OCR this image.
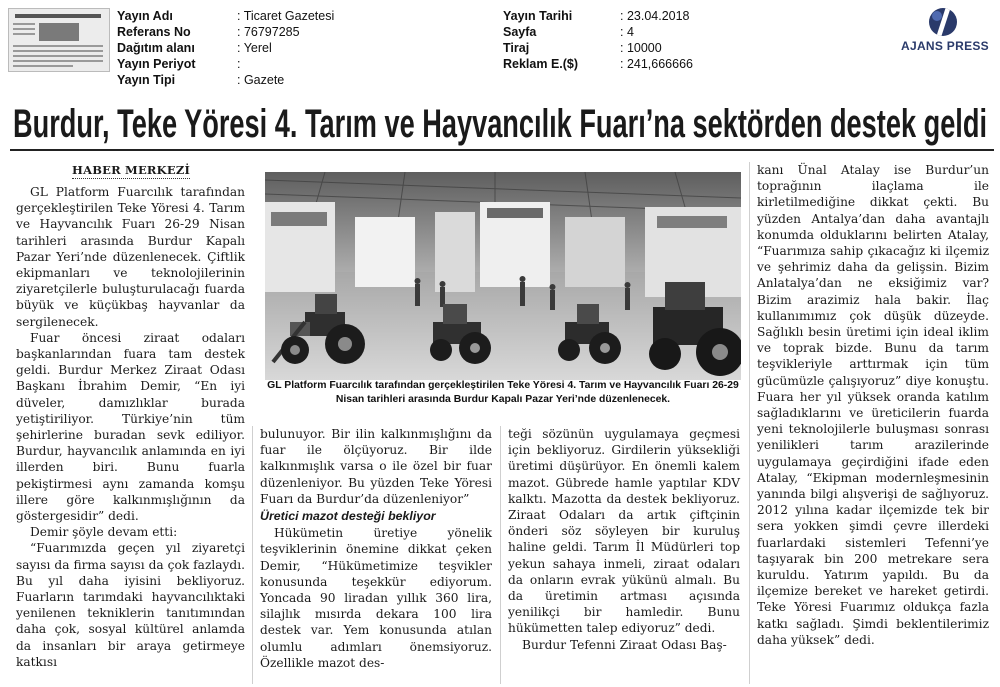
Yayın Adı	: Ticaret Gazetesi
Referans No	: 76797285
Dağıtım alanı	: Yerel
Yayın Periyot	:
Yayın Tipi	: Gazete
Yayın Tarihi	: 23.04.2018
Sayfa	: 4
Tiraj	: 10000
Reklam E.($)	: 241,666666
AJANS PRESS
Burdur, Teke Yöresi 4. Tarım ve Hayvancılık Fuarı’na sektörden destek geldi
HABER MERKEZİ

GL Platform Fuarcılık tarafından gerçekleştirilen Teke Yöresi 4. Tarım ve Hayvancılık Fuarı 26-29 Nisan tarihleri arasında Burdur Kapalı Pazar Yeri’nde düzenlenecek. Çiftlik ekipmanları ve teknolojilerinin ziyaretçilerle buluşturulacağı fuarda büyük ve küçükbaş hayvanlar da sergilenecek.

Fuar öncesi ziraat odaları başkanlarından fuara tam destek geldi. Burdur Merkez Ziraat Odası Başkanı İbrahim Demir, “En iyi düveler, damızlıklar burada yetiştiriliyor. Türkiye’nin tüm şehirlerine buradan sevk ediliyor. Burdur, hayvancılık anlamında en iyi illerden biri. Bunu fuarla pekiştirmesi aynı zamanda komşu illere göre kalkınmışlığının da göstergesidir” dedi.

Demir şöyle devam etti:

“Fuarımızda geçen yıl ziyaretçi sayısı da firma sayısı da çok fazlaydı. Bu yıl daha iyisini bekliyoruz. Fuarların tarımdaki hayvancılıktaki yenilenen tekniklerin tanıtımından daha çok, sosyal kültürel anlamda da insanları bir araya getirmeye katkısı

GL Platform Fuarcılık tarafından gerçekleştirilen Teke Yöresi 4. Tarım ve Hayvancılık Fuarı 26-29 Nisan tarihleri arasında Burdur Kapalı Pazar Yeri’nde düzenlenecek.

bulunuyor. Bir ilin kalkınmışlığını da fuar ile ölçüyoruz. Bir ilde kalkınmışlık varsa o ile özel bir fuar düzenleniyor. Bu yüzden Teke Yöresi Fuarı da Burdur’da düzenleniyor”

Üretici mazot desteği bekliyor

Hükümetin üretiye yönelik teşviklerinin önemine dikkat çeken Demir, “Hükümetimize teşvikler konusunda teşekkür ediyorum. Yoncada 90 liradan yıllık 360 lira, silajlık mısırda dekara 100 lira destek var. Yem konusunda atılan olumlu adımları önemsiyoruz. Özellikle mazot des-

teği sözünün uygulamaya geçmesi için bekliyoruz. Girdilerin yüksekliği üretimi düşürüyor. En önemli kalem mazot. Gübrede hamle yaptılar KDV kalktı. Mazotta da destek bekliyoruz. Ziraat Odaları da artık çiftçinin önderi söz söyleyen bir kuruluş haline geldi. Tarım İl Müdürleri top yekun sahaya inmeli, ziraat odaları da onların evrak yükünü almalı. Bu da üretimin artması açısında yenilikçi bir hamledir. Bunu hükümetten talep ediyoruz” dedi.

Burdur Tefenni Ziraat Odası Baş-

kanı Ünal Atalay ise Burdur’un toprağının ilaçlama ile kirletilmediğine dikkat çekti. Bu yüzden Antalya’dan daha avantajlı konumda olduklarını belirten Atalay, “Fuarımıza sahip çıkacağız ki ilçemiz ve şehrimiz daha da gelişsin. Bizim Anlatalya’dan ne eksiğimiz var? Bizim arazimiz hala bakir. İlaç kullanımımız çok düşük düzeyde. Sağlıklı besin üretimi için ideal iklim ve toprak bizde. Bunu da tarım teşvikleriyle arttırmak için tüm gücümüzle çalışıyoruz” diye konuştu. Fuara her yıl yüksek oranda katılım sağladıklarını ve üreticilerin fuarda yeni teknolojilerle buluşması sonrası yenilikleri tarım arazilerinde uygulamaya geçirdiğini ifade eden Atalay, “Ekipman modernleşmesinin yanında bilgi alışverişi de sağlıyoruz. 2012 yılına kadar ilçemizde tek bir sera yokken şimdi çevre illerdeki fuarlardaki sistemleri Tefenni’ye taşıyarak bin 200 metrekare sera kuruldu. Yatırım yapıldı. Bu da ilçemize bereket ve hareket getirdi. Teke Yöresi Fuarımız oldukça fazla katkı sağladı. Şimdi beklentilerimiz daha yüksek” dedi.
